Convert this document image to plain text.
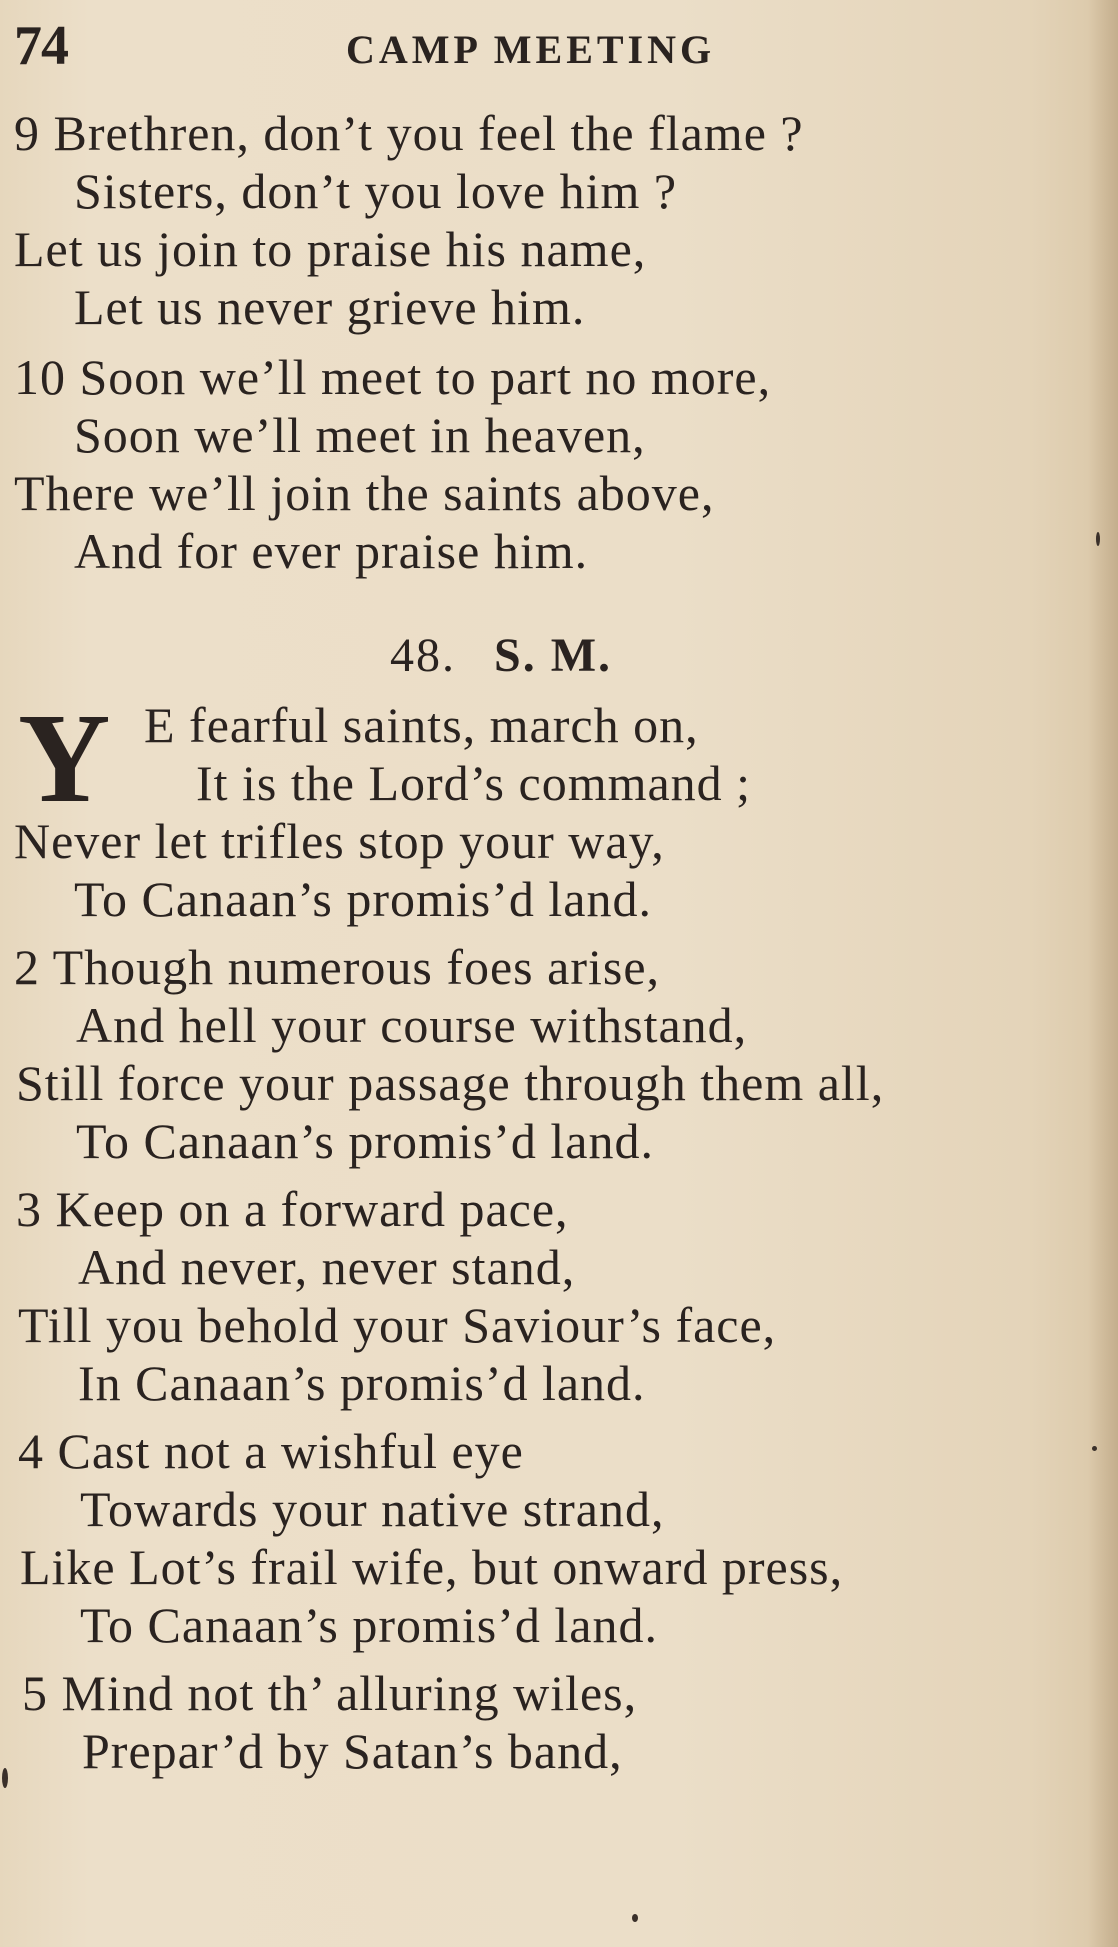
74	CAMP MEETING
9 Brethren, don’t you feel the flame ?
Sisters, don’t you love him ?
Let us join to praise his name,
Let us never grieve him.
10 Soon we’ll meet to part no more,
Soon we’ll meet in heaven,
There we’ll join the saints above,
And for ever praise him.
48. S. M.
Y E fearful saints, march on,
It is the Lord’s command ;
Never let trifles stop your way,
To Canaan’s promis’d land.
2 Though numerous foes arise,
And hell your course withstand,
Still force your passage through them all,
To Canaan’s promis’d land.
3 Keep on a forward pace,
And never, never stand,
Till you behold your Saviour’s face,
In Canaan’s promis’d land.
4 Cast not a wishful eye
Towards your native strand,
Like Lot’s frail wife, but onward press,
To Canaan’s promis’d land.
5 Mind not th’ alluring wiles,
Prepar’d by Satan’s band,
